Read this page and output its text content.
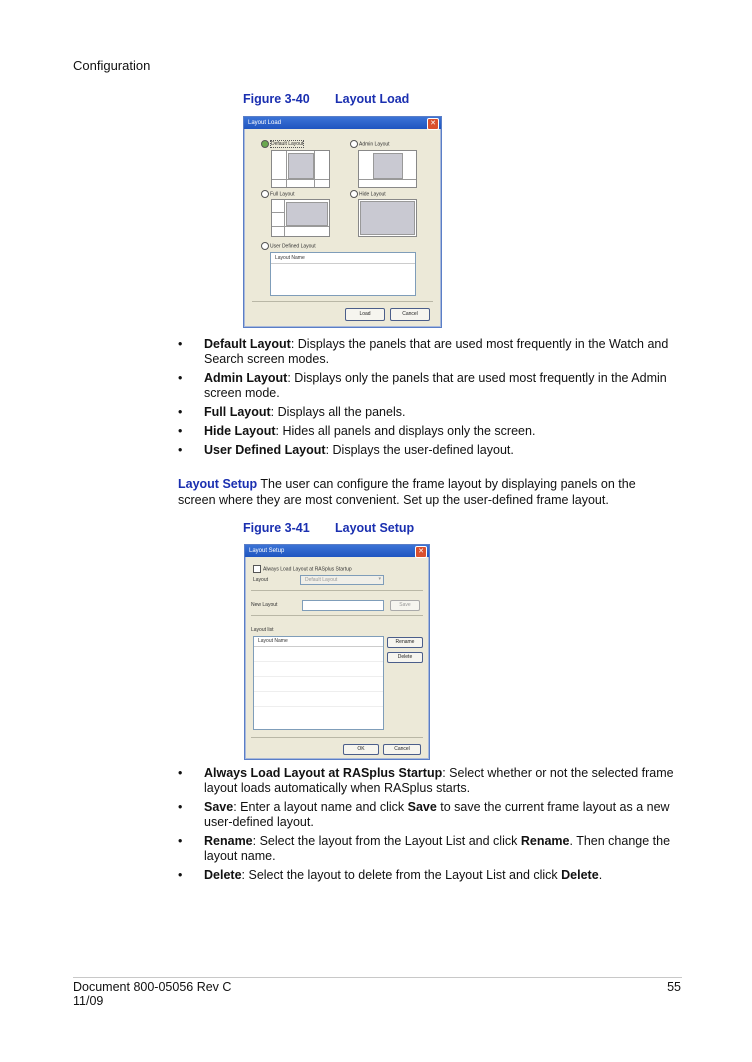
Configuration
Figure 3-40 Layout Load
Layout Load	✕
Default Layout	Admin Layout
Full Layout	Hide Layout
User Defined Layout
Layout Name
Load	Cancel
• Default Layout: Displays the panels that are used most frequently in the Watch and Search screen modes.
• Admin Layout: Displays only the panels that are used most frequently in the Admin screen mode.
• Full Layout: Displays all the panels.
• Hide Layout: Hides all panels and displays only the screen.
• User Defined Layout: Displays the user-defined layout.
Layout Setup The user can configure the frame layout by displaying panels on the screen where they are most convenient. Set up the user-defined frame layout.
Figure 3-41 Layout Setup
Layout Setup	✕
Always Load Layout at RASplus Startup
Layout	Default Layout	▾
New Layout	Save
Layout list
Layout Name	Rename
Delete
OK	Cancel
• Always Load Layout at RASplus Startup: Select whether or not the selected frame layout loads automatically when RASplus starts.
• Save: Enter a layout name and click Save to save the current frame layout as a new user-defined layout.
• Rename: Select the layout from the Layout List and click Rename. Then change the layout name.
• Delete: Select the layout to delete from the Layout List and click Delete.
Document 800-05056 Rev C
11/09
55
